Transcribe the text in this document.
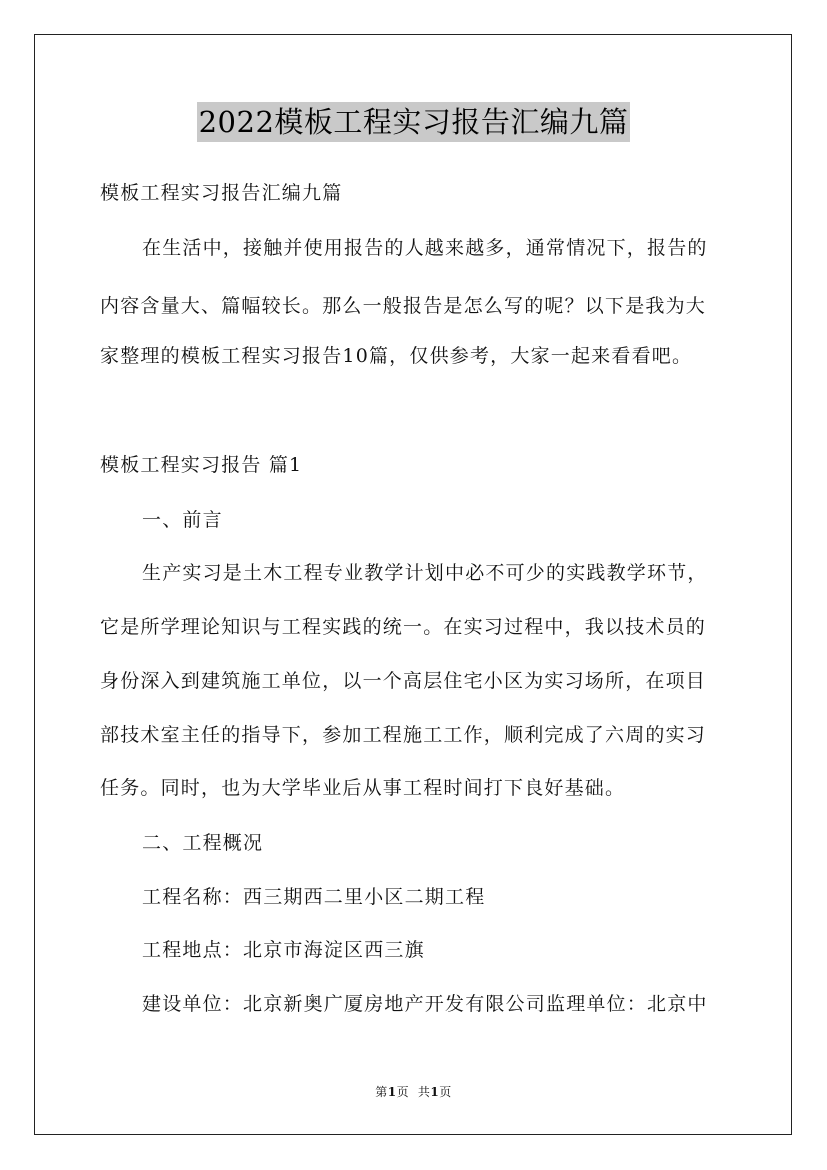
2022模板工程实习报告汇编九篇
模板工程实习报告汇编九篇
在生活中，接触并使用报告的人越来越多，通常情况下，报告的
内容含量大、篇幅较长。那么一般报告是怎么写的呢？以下是我为大
家整理的模板工程实习报告10篇，仅供参考，大家一起来看看吧。
模板工程实习报告 篇1
一、前言
生产实习是土木工程专业教学计划中必不可少的实践教学环节，
它是所学理论知识与工程实践的统一。在实习过程中，我以技术员的
身份深入到建筑施工单位，以一个高层住宅小区为实习场所，在项目
部技术室主任的指导下，参加工程施工工作，顺利完成了六周的实习
任务。同时，也为大学毕业后从事工程时间打下良好基础。
二、工程概况
工程名称：西三期西二里小区二期工程
工程地点：北京市海淀区西三旗
建设单位：北京新奥广厦房地产开发有限公司监理单位：北京中
第1页 共1页
